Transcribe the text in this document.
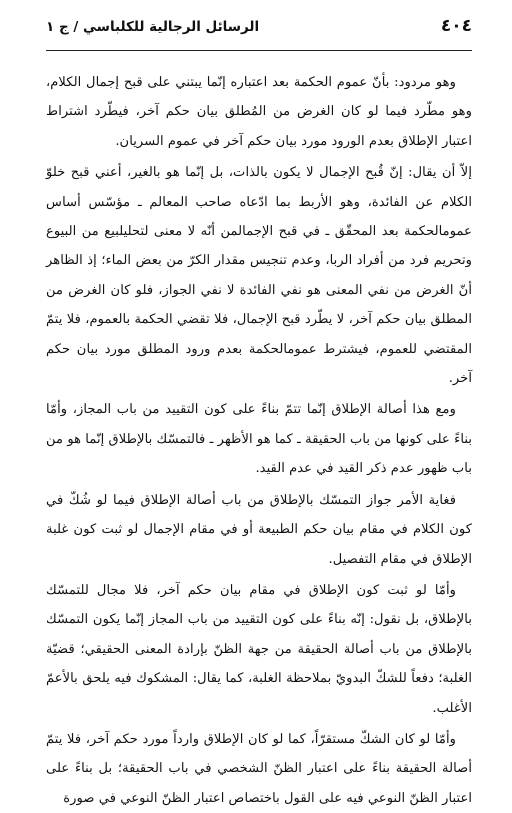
٤٠٤
الرسائل الرجالية للكلباسي / ج ١

وهو مردود: بأنّ عموم الحكمة بعد اعتباره إنّما يبتني على قبح إجمال الكلام، وهو مطّرد فيما لو كان الغرض من المُطلق بيان حكم آخر، فيطّرد اشتراط اعتبار الإطلاق بعدم الورود مورد بيان حكم آخر في عموم السريان.

إلاّ أن يقال: إنّ قُبح الإجمال لا يكون بالذات، بل إنّما هو بالغير، أعني قبح خلوّ الكلام عن الفائدة، وهو الأربط بما ادّعاه صاحب المعالم ـ مؤسّس أساس عمومالحكمة بعد المحقّق ـ في قبح الإجمالمن أنّه لا معنى لتحليلبيع من البيوع وتحريم فرد من أفراد الربا، وعدم تنجيس مقدار الكرّ من بعض الماء؛ إذ الظاهر أنّ الغرض من نفي المعنى هو نفي الفائدة لا نفي الجواز، فلو كان الغرض من المطلق بيان حكم آخر، لا يطّرد قبح الإجمال، فلا تقضي الحكمة بالعموم، فلا يتمّ المقتضي للعموم، فيشترط عمومالحكمة بعدم ورود المطلق مورد بيان حكم آخر.

ومع هذا أصالة الإطلاق إنّما تتمّ بناءً على كون التقييد من باب المجاز، وأمّا بناءً على كونها من باب الحقيقة ـ كما هو الأظهر ـ فالتمسّك بالإطلاق إنّما هو من باب ظهور عدم ذكر القيد في عدم القيد.

فغاية الأمر جواز التمسّك بالإطلاق من باب أصالة الإطلاق فيما لو شُكّ في كون الكلام في مقام بيان حكم الطبيعة أو في مقام الإجمال لو ثبت كون غلبة الإطلاق في مقام التفصيل.

وأمّا لو ثبت كون الإطلاق في مقام بيان حكم آخر، فلا مجال للتمسّك بالإطلاق، بل نقول: إنّه بناءً على كون التقييد من باب المجاز إنّما يكون التمسّك بالإطلاق من باب أصالة الحقيقة من جهة الظنّ بإرادة المعنى الحقيقي؛ قضيّة الغلبة؛ دفعاً للشكّ البدويّ بملاحظة الغلبة، كما يقال: المشكوك فيه يلحق بالأعمّ الأغلب.

وأمّا لو كان الشكّ مستقرّاً، كما لو كان الإطلاق وارداً مورد حكم آخر، فلا يتمّ أصالة الحقيقة بناءً على اعتبار الظنّ الشخصي في باب الحقيقة؛ بل بناءً على اعتبار الظنّ النوعي فيه على القول باختصاص اعتبار الظنّ النوعي في صورة
